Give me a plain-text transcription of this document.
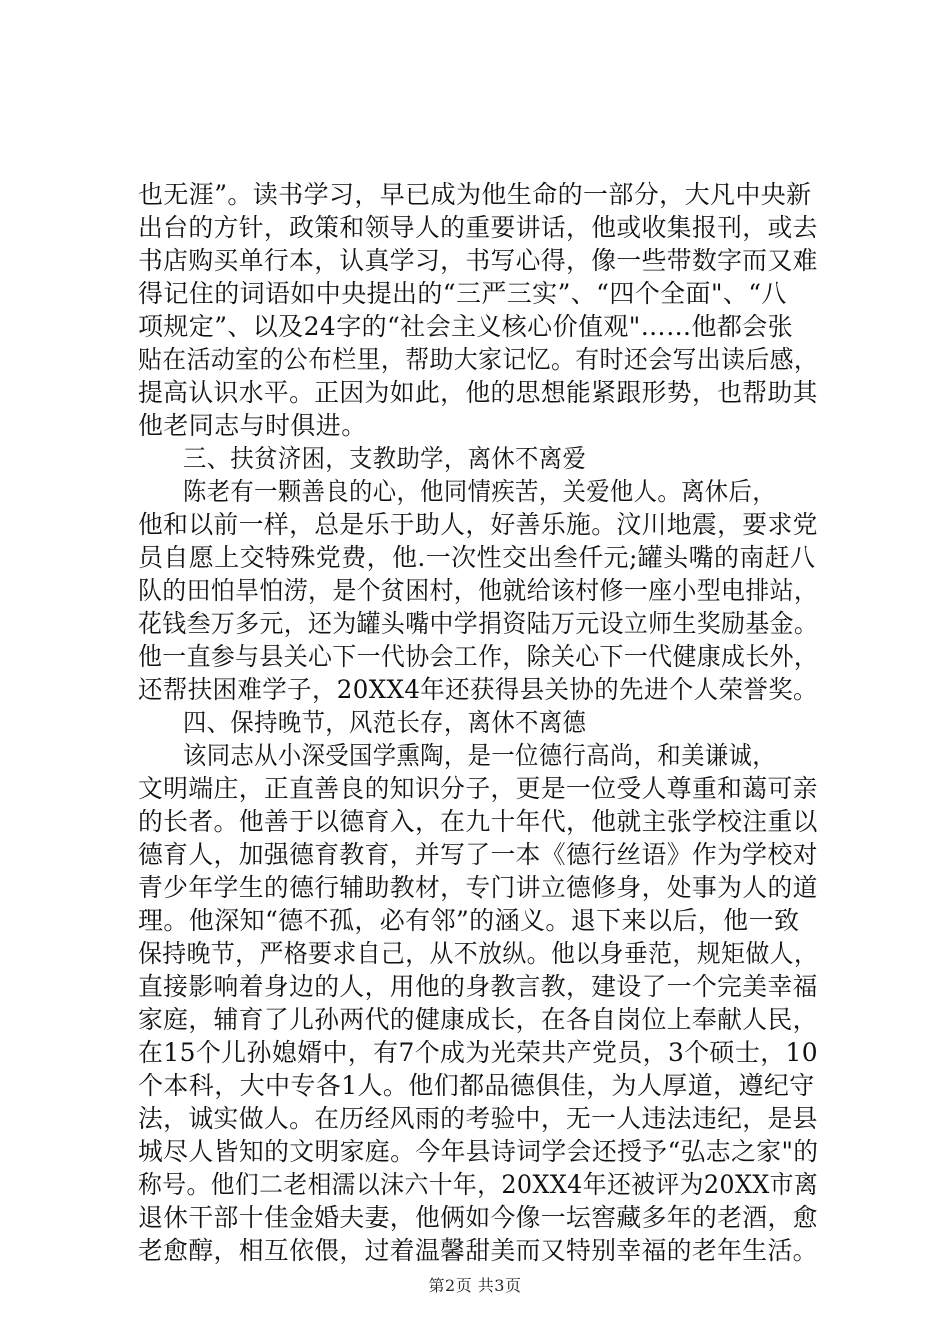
也无涯”。读书学习，早已成为他生命的一部分，大凡中央新
出台的方针，政策和领导人的重要讲话，他或收集报刊，或去
书店购买单行本，认真学习，书写心得，像一些带数字而又难
得记住的词语如中央提出的“三严三实”、“四个全面"、“八
项规定”、以及24字的“社会主义核心价值观"……他都会张
贴在活动室的公布栏里，帮助大家记忆。有时还会写出读后感，
提高认识水平。正因为如此，他的思想能紧跟形势，也帮助其
他老同志与时俱进。
三、扶贫济困，支教助学，离休不离爱
陈老有一颗善良的心，他同情疾苦，关爱他人。离休后，
他和以前一样，总是乐于助人，好善乐施。汶川地震，要求党
员自愿上交特殊党费，他.一次性交出叁仟元;罐头嘴的南赶八
队的田怕旱怕涝，是个贫困村，他就给该村修一座小型电排站，
花钱叁万多元，还为罐头嘴中学捐资陆万元设立师生奖励基金。
他一直参与县关心下一代协会工作，除关心下一代健康成长外，
还帮扶困难学子，20XX4年还获得县关协的先进个人荣誉奖。
四、保持晚节，风范长存，离休不离德
该同志从小深受国学熏陶，是一位德行高尚，和美谦诚，
文明端庄，正直善良的知识分子，更是一位受人尊重和蔼可亲
的长者。他善于以德育入，在九十年代，他就主张学校注重以
德育人，加强德育教育，并写了一本《德行丝语》作为学校对
青少年学生的德行辅助教材，专门讲立德修身，处事为人的道
理。他深知“德不孤，必有邻”的涵义。退下来以后，他一致
保持晚节，严格要求自己，从不放纵。他以身垂范，规矩做人，
直接影响着身边的人，用他的身教言教，建设了一个完美幸福
家庭，辅育了儿孙两代的健康成长，在各自岗位上奉献人民，
在15个儿孙媳婿中，有7个成为光荣共产党员，3个硕士，10
个本科，大中专各1人。他们都品德俱佳，为人厚道，遵纪守
法，诚实做人。在历经风雨的考验中，无一人违法违纪，是县
城尽人皆知的文明家庭。今年县诗词学会还授予“弘志之家"的
称号。他们二老相濡以沫六十年，20XX4年还被评为20XX市离
退休干部十佳金婚夫妻，他俩如今像一坛窖藏多年的老酒，愈
老愈醇，相互依偎，过着温馨甜美而又特别幸福的老年生活。
第2页 共3页
